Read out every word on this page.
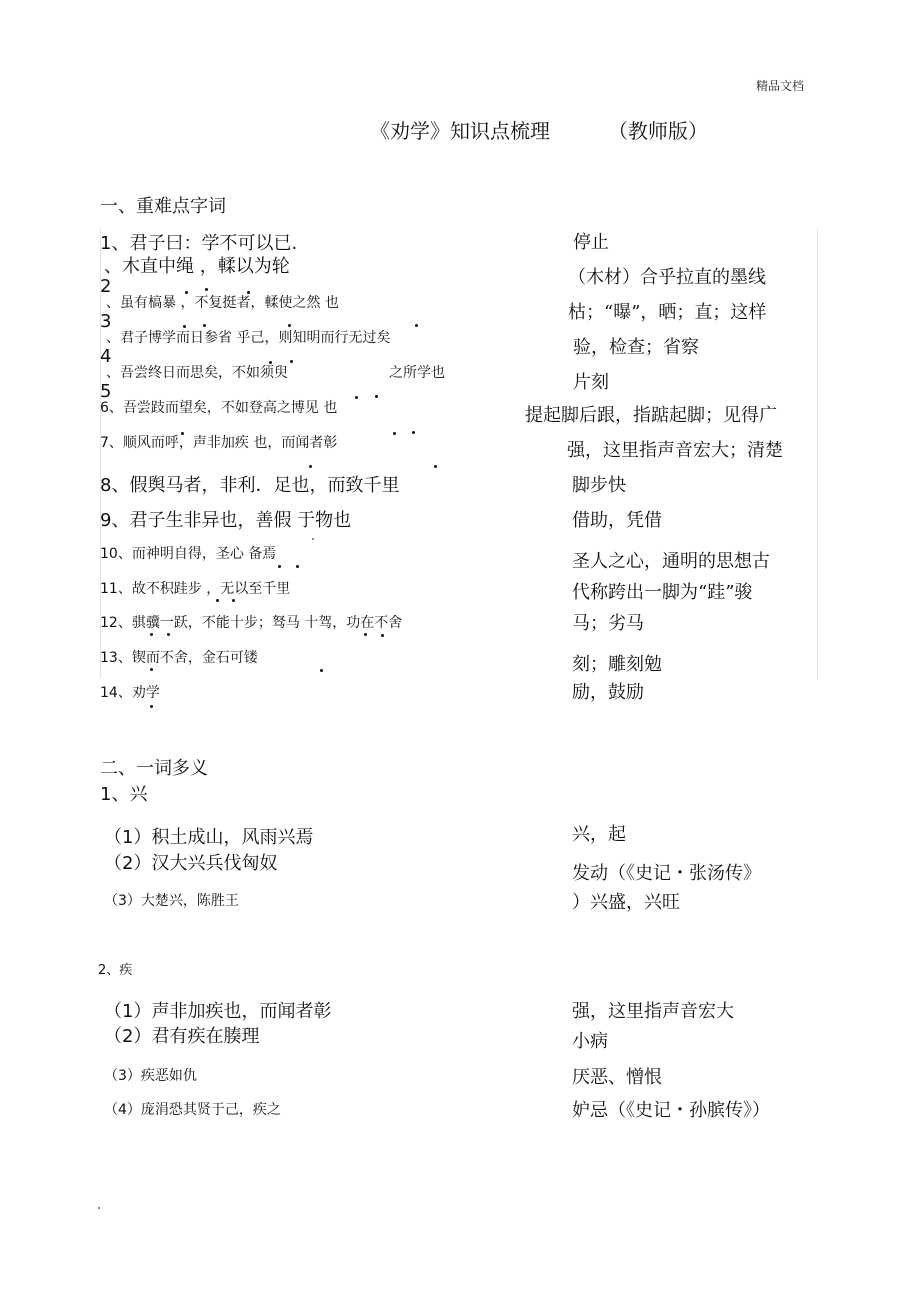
精品文档
《劝学》知识点梳理	（教师版）
一、重难点字词
1、君子曰：学不可以已.
、木直中绳 ，輮以为轮
2
、虽有槁暴 ，不复挺者，輮使之然 也
3
、君子博学而日参省 乎己，则知明而行无过矣
4
、吾尝终日而思矣，不如须臾	之所学也
5
6、吾尝跂而望矣，不如登高之博见 也
7、顺风而呼，声非加疾 也，而闻者彰
8、假舆马者，非利．足也，而致千里
9、君子生非异也，善假 于物也
10、而神明自得，圣心 备焉
11、故不积跬步 ，无以至千里
12、骐骥一跃，不能十步；驽马 十驾，功在不舍
13、锲而不舍，金石可镂
14、劝学
停止
（木材）合乎拉直的墨线
枯；“曝”，晒；直；这样
验，检查；省察
片刻
提起脚后跟，指踮起脚；见得广
强，这里指声音宏大；清楚
脚步快
借助，凭借
圣人之心，通明的思想古
代称跨出一脚为“跬”骏
马；劣马
刻；雕刻勉
励，鼓励
二、一词多义
1、兴
（1）积土成山，风雨兴焉
（2）汉大兴兵伐匈奴
（3）大楚兴，陈胜王
兴，起
发动（《史记・张汤传》
）兴盛，兴旺
2、疾
（1）声非加疾也，而闻者彰
（2）君有疾在腠理
（3）疾恶如仇
（4）庞涓恐其贤于己，疾之
强，这里指声音宏大
小病
厌恶、憎恨
妒忌（《史记・孙膑传》）
